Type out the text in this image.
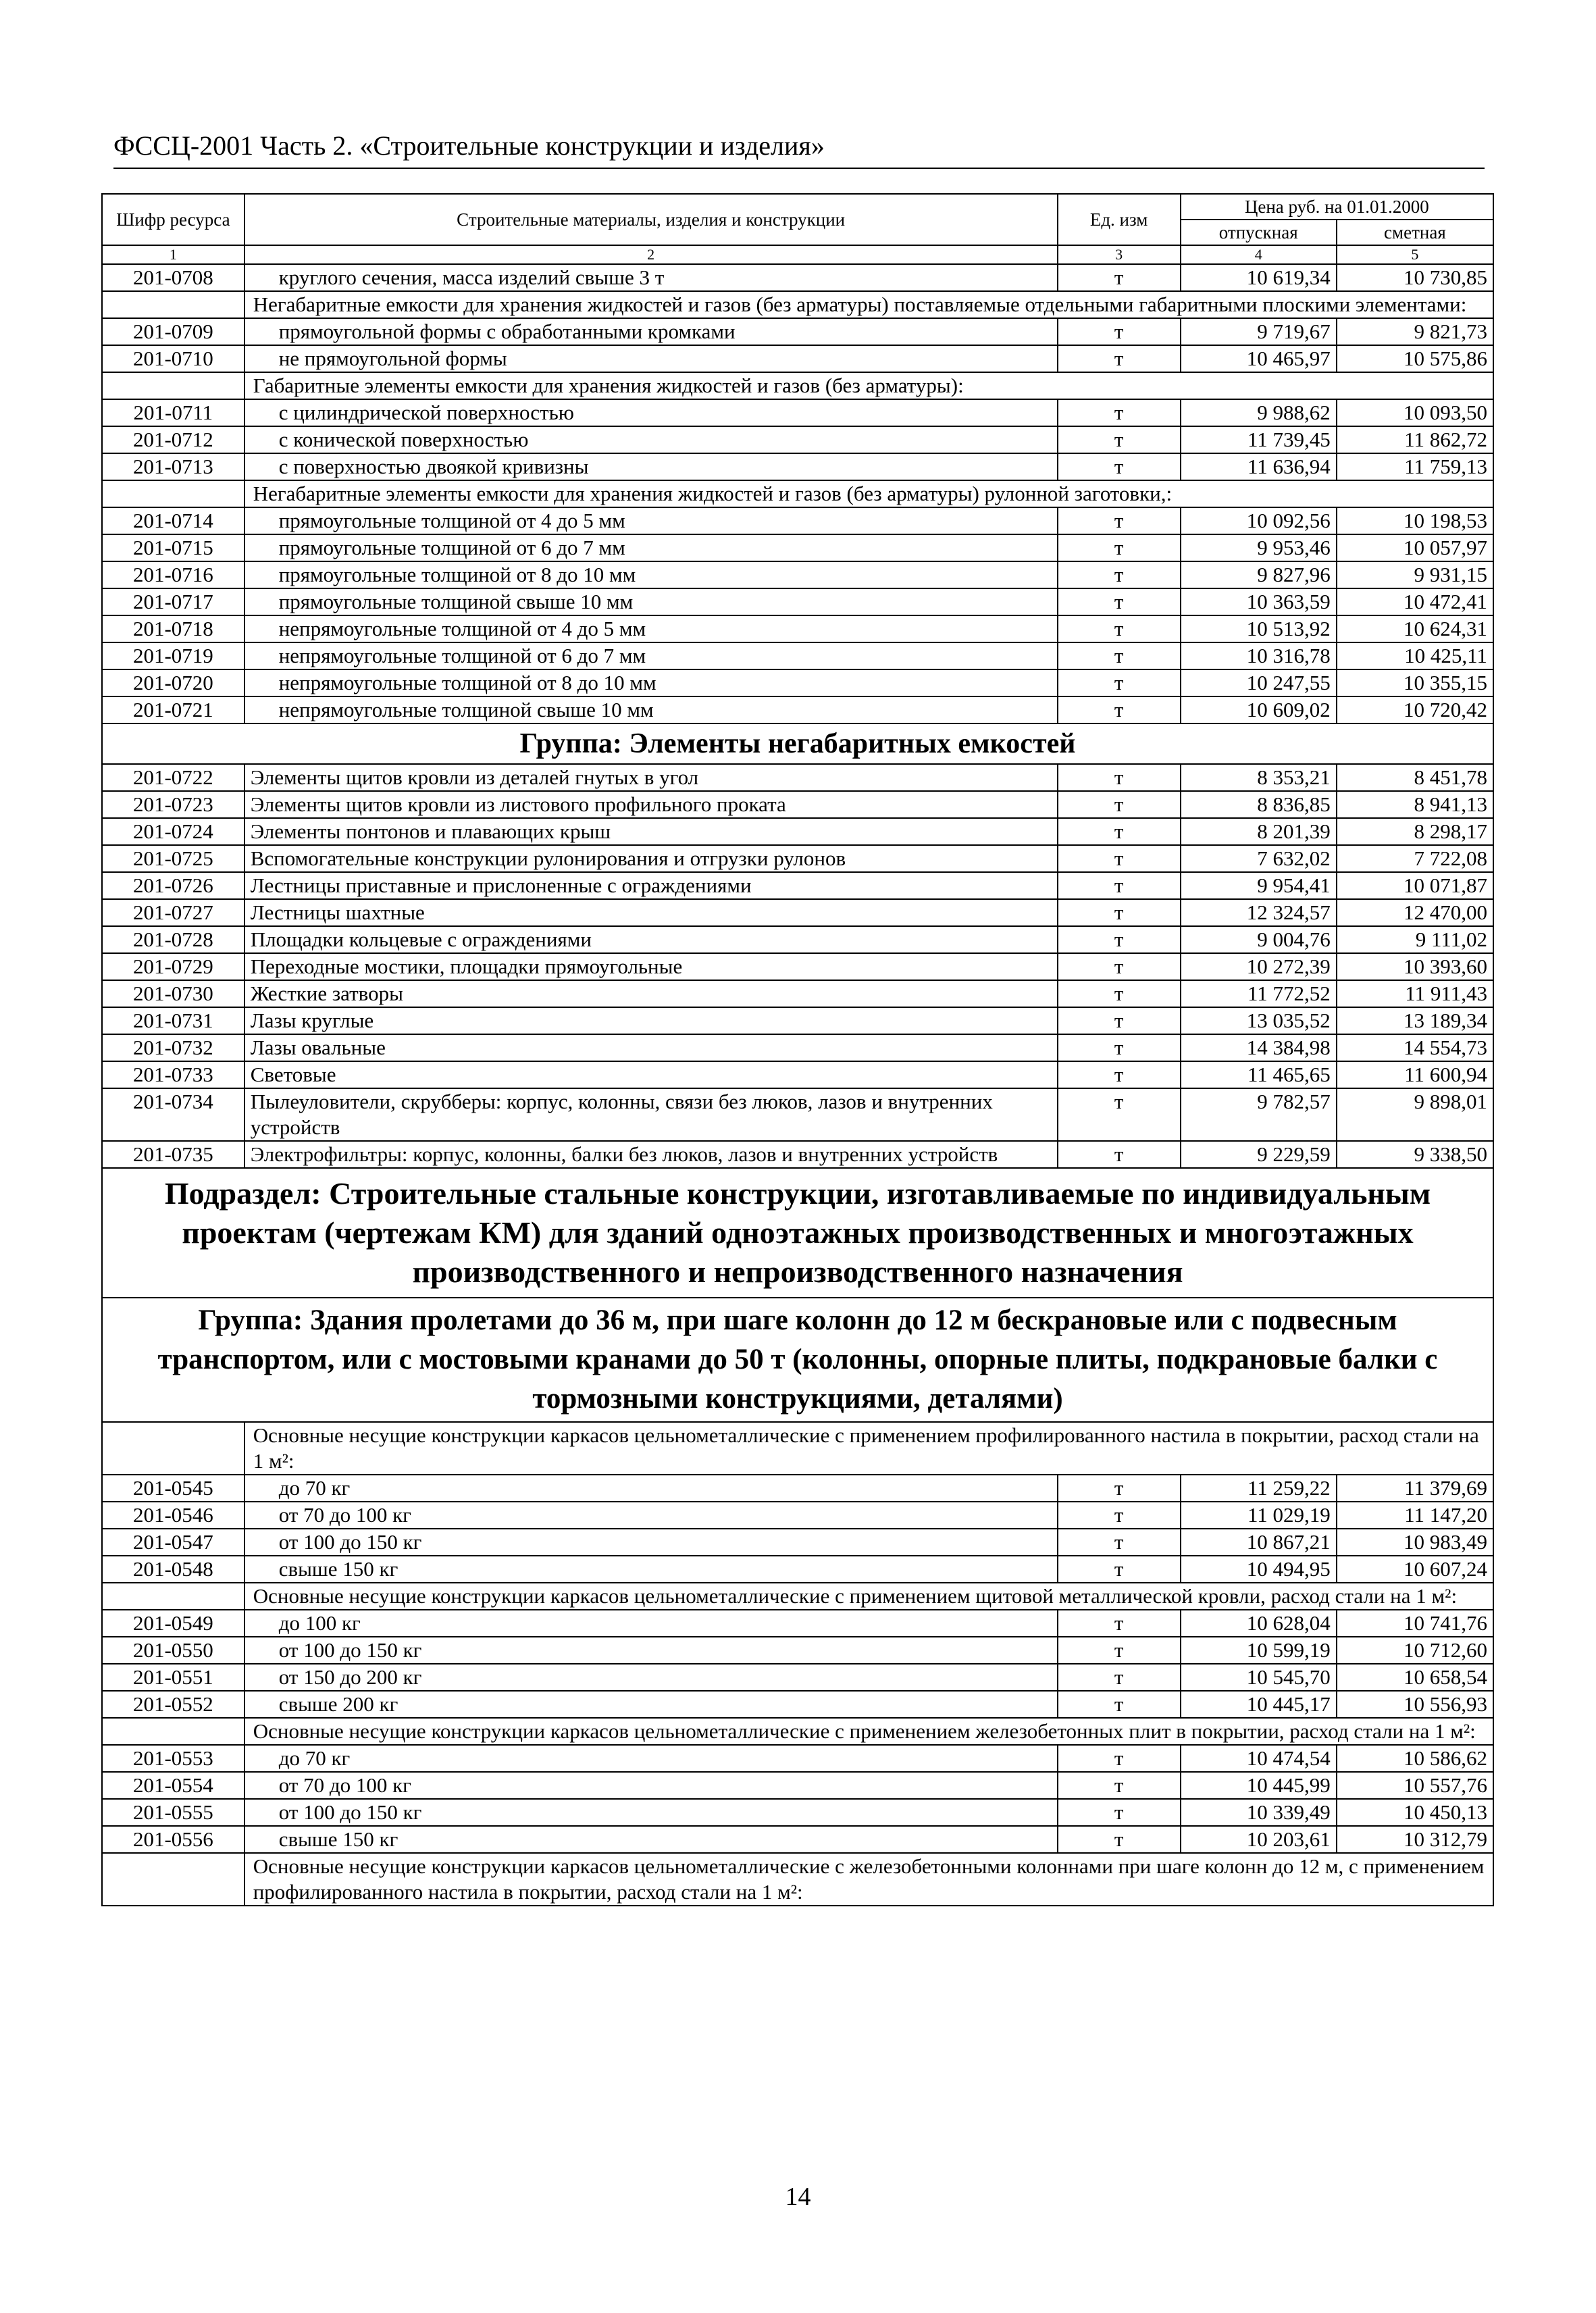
ФССЦ-2001 Часть 2. «Строительные конструкции и изделия»
Шифр ресурса	Строительные материалы, изделия и конструкции	Ед. изм	Цена руб. на 01.01.2000	
			отпускная	сметная
1	2	3	4	5
201-0708	круглого сечения, масса изделий свыше 3 т	т	10 619,34	10 730,85
	Негабаритные емкости для хранения жидкостей и газов (без арматуры) поставляемые отдельными габаритными плоскими элементами:			
201-0709	прямоугольной формы с обработанными кромками	т	9 719,67	9 821,73
201-0710	не прямоугольной формы	т	10 465,97	10 575,86
	Габаритные элементы емкости для хранения жидкостей и газов (без арматуры):			
201-0711	с цилиндрической поверхностью	т	9 988,62	10 093,50
201-0712	с конической поверхностью	т	11 739,45	11 862,72
201-0713	с поверхностью двоякой кривизны	т	11 636,94	11 759,13
	Негабаритные элементы емкости для хранения жидкостей и газов (без арматуры) рулонной заготовки,:			
201-0714	прямоугольные толщиной от 4 до 5 мм	т	10 092,56	10 198,53
201-0715	прямоугольные толщиной от 6 до 7 мм	т	9 953,46	10 057,97
201-0716	прямоугольные толщиной от 8 до 10 мм	т	9 827,96	9 931,15
201-0717	прямоугольные толщиной свыше 10 мм	т	10 363,59	10 472,41
201-0718	непрямоугольные толщиной от 4 до 5 мм	т	10 513,92	10 624,31
201-0719	непрямоугольные толщиной от 6 до 7 мм	т	10 316,78	10 425,11
201-0720	непрямоугольные толщиной от 8 до 10 мм	т	10 247,55	10 355,15
201-0721	непрямоугольные толщиной свыше 10 мм	т	10 609,02	10 720,42
Группа: Элементы негабаритных емкостей				
201-0722	Элементы щитов кровли из деталей гнутых в угол	т	8 353,21	8 451,78
201-0723	Элементы щитов кровли из листового профильного проката	т	8 836,85	8 941,13
201-0724	Элементы понтонов и плавающих крыш	т	8 201,39	8 298,17
201-0725	Вспомогательные конструкции рулонирования и отгрузки рулонов	т	7 632,02	7 722,08
201-0726	Лестницы приставные и прислоненные с ограждениями	т	9 954,41	10 071,87
201-0727	Лестницы шахтные	т	12 324,57	12 470,00
201-0728	Площадки кольцевые с ограждениями	т	9 004,76	9 111,02
201-0729	Переходные мостики, площадки прямоугольные	т	10 272,39	10 393,60
201-0730	Жесткие затворы	т	11 772,52	11 911,43
201-0731	Лазы круглые	т	13 035,52	13 189,34
201-0732	Лазы овальные	т	14 384,98	14 554,73
201-0733	Световые	т	11 465,65	11 600,94
201-0734	Пылеуловители, скрубберы: корпус, колонны, связи без люков, лазов и внутренних устройств	т	9 782,57	9 898,01
201-0735	Электрофильтры: корпус, колонны, балки без люков, лазов и внутренних устройств	т	9 229,59	9 338,50
Подраздел: Строительные стальные конструкции, изготавливаемые по индивидуальным проектам (чертежам КМ) для зданий одноэтажных производственных и многоэтажных производственного и непроизводственного назначения				
Группа: Здания пролетами до 36 м, при шаге колонн до 12 м бескрановые или с подвесным транспортом, или с мостовыми кранами до 50 т (колонны, опорные плиты, подкрановые балки с тормозными конструкциями, деталями)				
	Основные несущие конструкции каркасов цельнометаллические с применением профилированного настила в покрытии, расход стали на 1 м²:			
201-0545	до 70 кг	т	11 259,22	11 379,69
201-0546	от 70 до 100 кг	т	11 029,19	11 147,20
201-0547	от 100 до 150 кг	т	10 867,21	10 983,49
201-0548	свыше 150 кг	т	10 494,95	10 607,24
	Основные несущие конструкции каркасов цельнометаллические с применением щитовой металлической кровли, расход стали на 1 м²:			
201-0549	до 100 кг	т	10 628,04	10 741,76
201-0550	от 100 до 150 кг	т	10 599,19	10 712,60
201-0551	от 150 до 200 кг	т	10 545,70	10 658,54
201-0552	свыше 200 кг	т	10 445,17	10 556,93
	Основные несущие конструкции каркасов цельнометаллические с применением железобетонных плит в покрытии, расход стали на 1 м²:			
201-0553	до 70 кг	т	10 474,54	10 586,62
201-0554	от 70 до 100 кг	т	10 445,99	10 557,76
201-0555	от 100 до 150 кг	т	10 339,49	10 450,13
201-0556	свыше 150 кг	т	10 203,61	10 312,79
	Основные несущие конструкции каркасов цельнометаллические с железобетонными колоннами при шаге колонн до 12 м, с применением профилированного настила в покрытии, расход стали на 1 м²:			
14
